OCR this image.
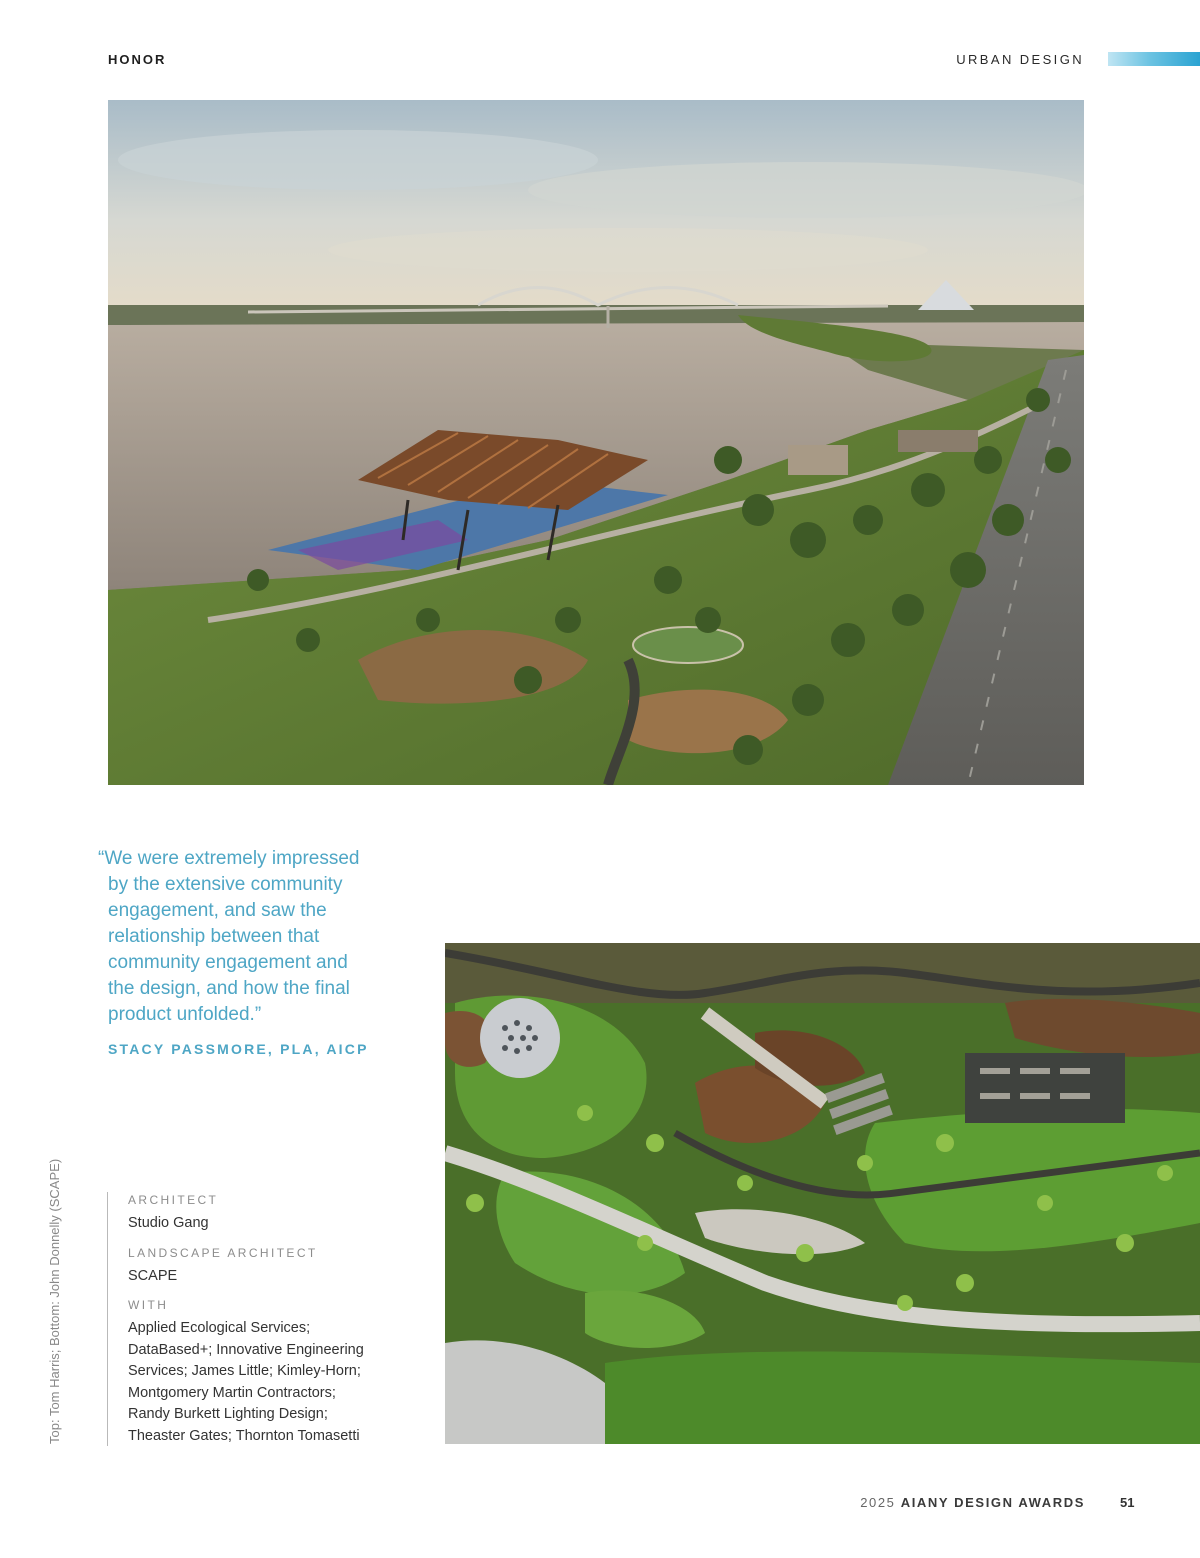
HONOR	URBAN DESIGN
“We were extremely impressed
by the extensive community
engagement, and saw the
relationship between that
community engagement and
the design, and how the final
product unfolded.”
STACY PASSMORE, PLA, AICP
ARCHITECT
Studio Gang
LANDSCAPE ARCHITECT
SCAPE
WITH
Applied Ecological Services;
DataBased+; Innovative Engineering
Services; James Little; Kimley-Horn;
Montgomery Martin Contractors;
Randy Burkett Lighting Design;
Theaster Gates; Thornton Tomasetti
Top: Tom Harris; Bottom: John Donnelly (SCAPE)
2025 AIANY DESIGN AWARDS	51
